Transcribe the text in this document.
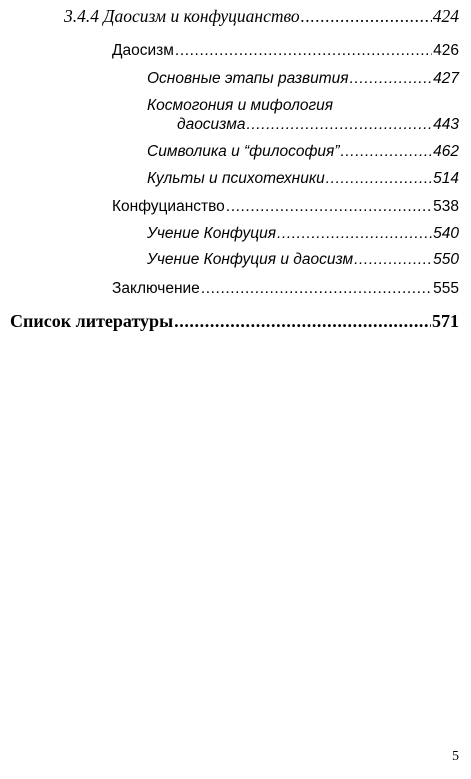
3.4.4 Даосизм и конфуцианство .....	424
Даосизм .....	426
Основные этапы развития .....	427
Космогония и мифология
даосизма .....	443
Символика и “философия” .....	462
Культы и психотехники .....	514
Конфуцианство .....	538
Учение Конфуция .....	540
Учение Конфуция и даосизм .....	550
Заключение .....	555
Список литературы .....	571
5
